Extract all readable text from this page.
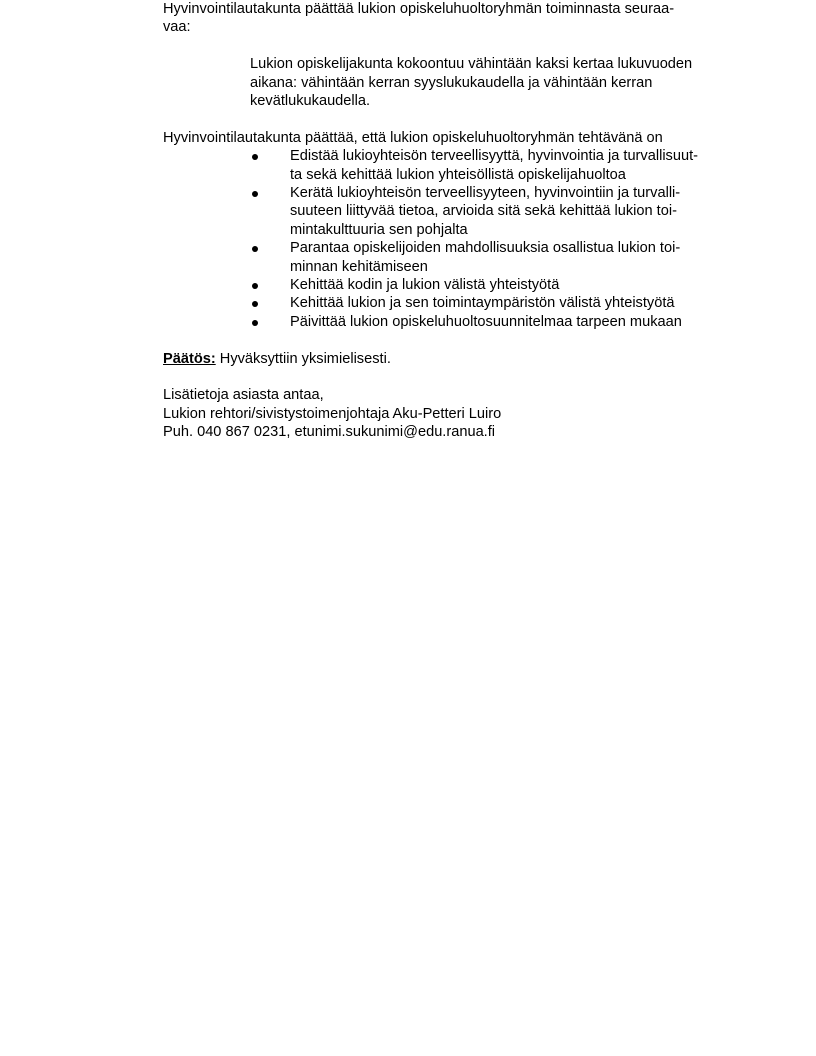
Hyvinvointilautakunta päättää lukion opiskeluhuoltoryhmän toiminnasta seuraa-
vaa:

Lukion opiskelijakunta kokoontuu vähintään kaksi kertaa lukuvuoden
aikana: vähintään kerran syyslukukaudella ja vähintään kerran
kevätlukukaudella.

Hyvinvointilautakunta päättää, että lukion opiskeluhuoltoryhmän tehtävänä on

Edistää lukioyhteisön terveellisyyttä, hyvinvointia ja turvallisuut-
ta sekä kehittää lukion yhteisöllistä opiskelijahuoltoa
Kerätä lukioyhteisön terveellisyyteen, hyvinvointiin ja turvalli-
suuteen liittyvää tietoa, arvioida sitä sekä kehittää lukion toi-
mintakulttuuria sen pohjalta
Parantaa opiskelijoiden mahdollisuuksia osallistua lukion toi-
minnan kehitämiseen
Kehittää kodin ja lukion välistä yhteistyötä
Kehittää lukion ja sen toimintaympäristön välistä yhteistyötä
Päivittää lukion opiskeluhuoltosuunnitelmaa tarpeen mukaan

Päätös: Hyväksyttiin yksimielisesti.

Lisätietoja asiasta antaa,
Lukion rehtori/sivistystoimenjohtaja Aku-Petteri Luiro
Puh. 040 867 0231, etunimi.sukunimi@edu.ranua.fi
